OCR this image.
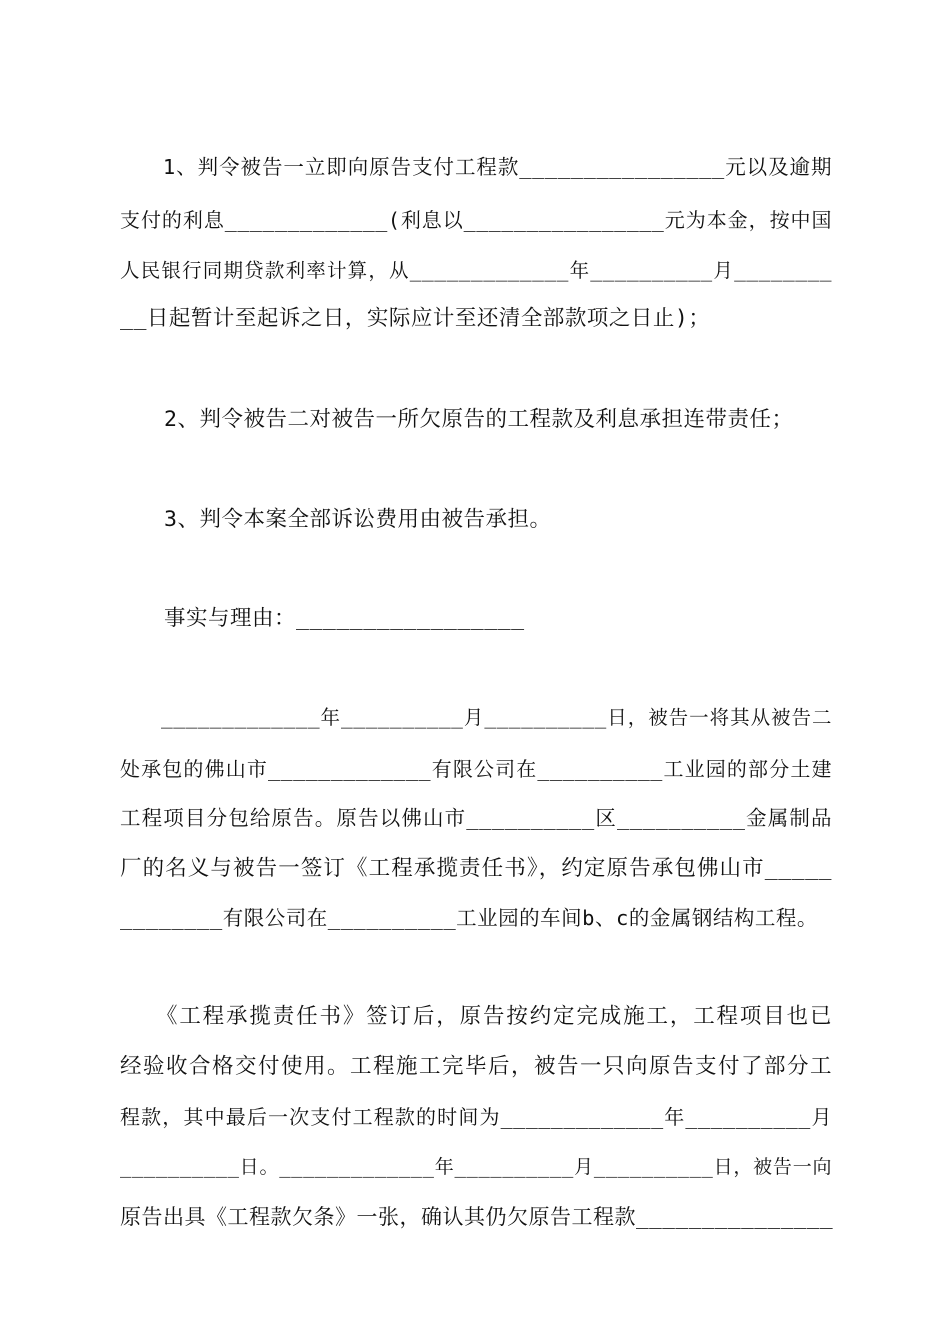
　　1、判令被告一立即向原告支付工程款________________元以及逾期
支付的利息_____________(利息以________________元为本金，按中国
人民银行同期贷款利率计算，从_____________年__________月________
__日起暂计至起诉之日，实际应计至还清全部款项之日止)；
　　2、判令被告二对被告一所欠原告的工程款及利息承担连带责任；
　　3、判令本案全部诉讼费用由被告承担。
　　事实与理由：_________________
　　_____________年__________月__________日，被告一将其从被告二
处承包的佛山市_____________有限公司在__________工业园的部分土建
工程项目分包给原告。原告以佛山市__________区__________金属制品
厂的名义与被告一签订《工程承揽责任书》，约定原告承包佛山市_____
________有限公司在__________工业园的车间b、c的金属钢结构工程。
　　《工程承揽责任书》签订后，原告按约定完成施工，工程项目也已
经验收合格交付使用。工程施工完毕后，被告一只向原告支付了部分工
程款，其中最后一次支付工程款的时间为_____________年__________月
__________日。_____________年__________月__________日，被告一向
原告出具《工程款欠条》一张，确认其仍欠原告工程款_______________
